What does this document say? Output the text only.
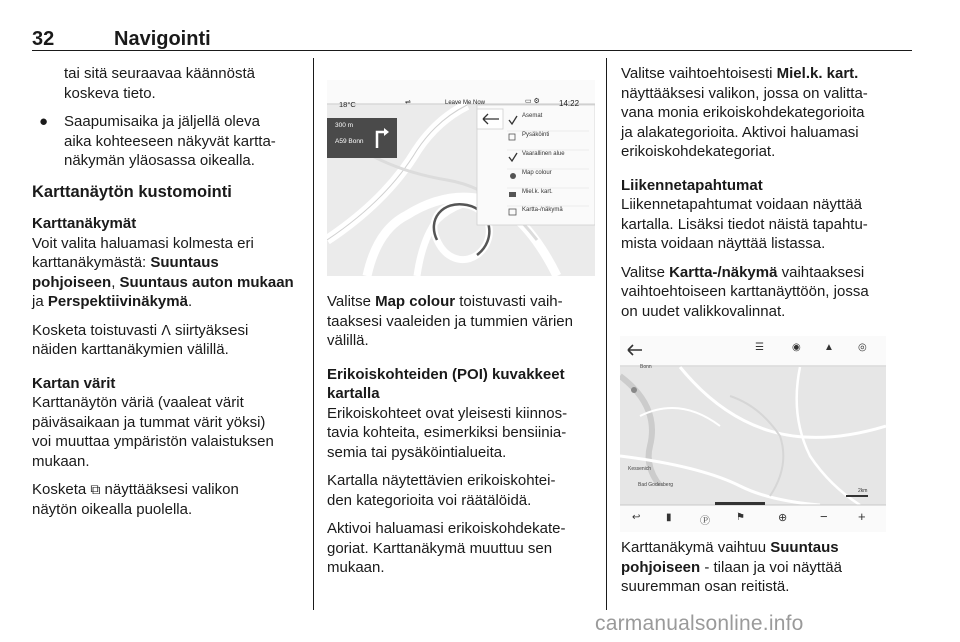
32	Navigointi

tai sitä seuraavaa käännöstä
koskeva tieto.

● Saapumisaika ja jäljellä oleva
aika kohteeseen näkyvät kartta-
näkymän yläosassa oikealla.

Karttanäytön kustomointi
Karttanäkymät

Voit valita haluamasi kolmesta eri
karttanäkymästä: Suuntaus
pohjoiseen, Suuntaus auton mukaan
ja Perspektiivinäkymä.

Kosketa toistuvasti ᐱ siirtyäksesi
näiden karttanäkymien välillä.

Kartan värit

Karttanäytön väriä (vaaleat värit
päiväsaikaan ja tummat värit yöksi)
voi muuttaa ympäristön valaistuksen
mukaan.

Kosketa ⧉ näyttääksesi valikon
näytön oikealla puolella.

18°C	⇌	Leave Me Now	▭ ⚙ 14:22
300 m
A59 Bonn
Asemat
Pysäköinti
Vaarallinen alue
Map colour
Miel.k. kart.
Kartta-/näkymä

Valitse Map colour toistuvasti vaih-
taaksesi vaaleiden ja tummien värien
välillä.

Erikoiskohteiden (POI) kuvakkeet
kartalla

Erikoiskohteet ovat yleisesti kiinnos-
tavia kohteita, esimerkiksi bensiinia-
semia tai pysäköintialueita.

Kartalla näytettävien erikoiskohtei-
den kategorioita voi räätälöidä.

Aktivoi haluamasi erikoiskohdekate-
goriat. Karttanäkymä muuttuu sen
mukaan.

Valitse vaihtoehtoisesti Miel.k. kart.
näyttääksesi valikon, jossa on valitta-
vana monia erikoiskohdekategorioita
ja alakategorioita. Aktivoi haluamasi
erikoiskohdekategoriat.

Liikennetapahtumat

Liikennetapahtumat voidaan näyttää
kartalla. Lisäksi tiedot näistä tapahtu-
mista voidaan näyttää listassa.

Valitse Kartta-/näkymä vaihtaaksesi
vaihtoehtoiseen karttanäyttöön, jossa
on uudet valikkovalinnat.

☰	◉ ▲ ◎
Bonn
Kessenich
Bad Godesberg
2km
↩	▮	Ⓟ	⚑	⊕	− +

Karttanäkymä vaihtuu Suuntaus
pohjoiseen - tilaan ja voi näyttää
suuremman osan reitistä.

carmanualsonline.info
